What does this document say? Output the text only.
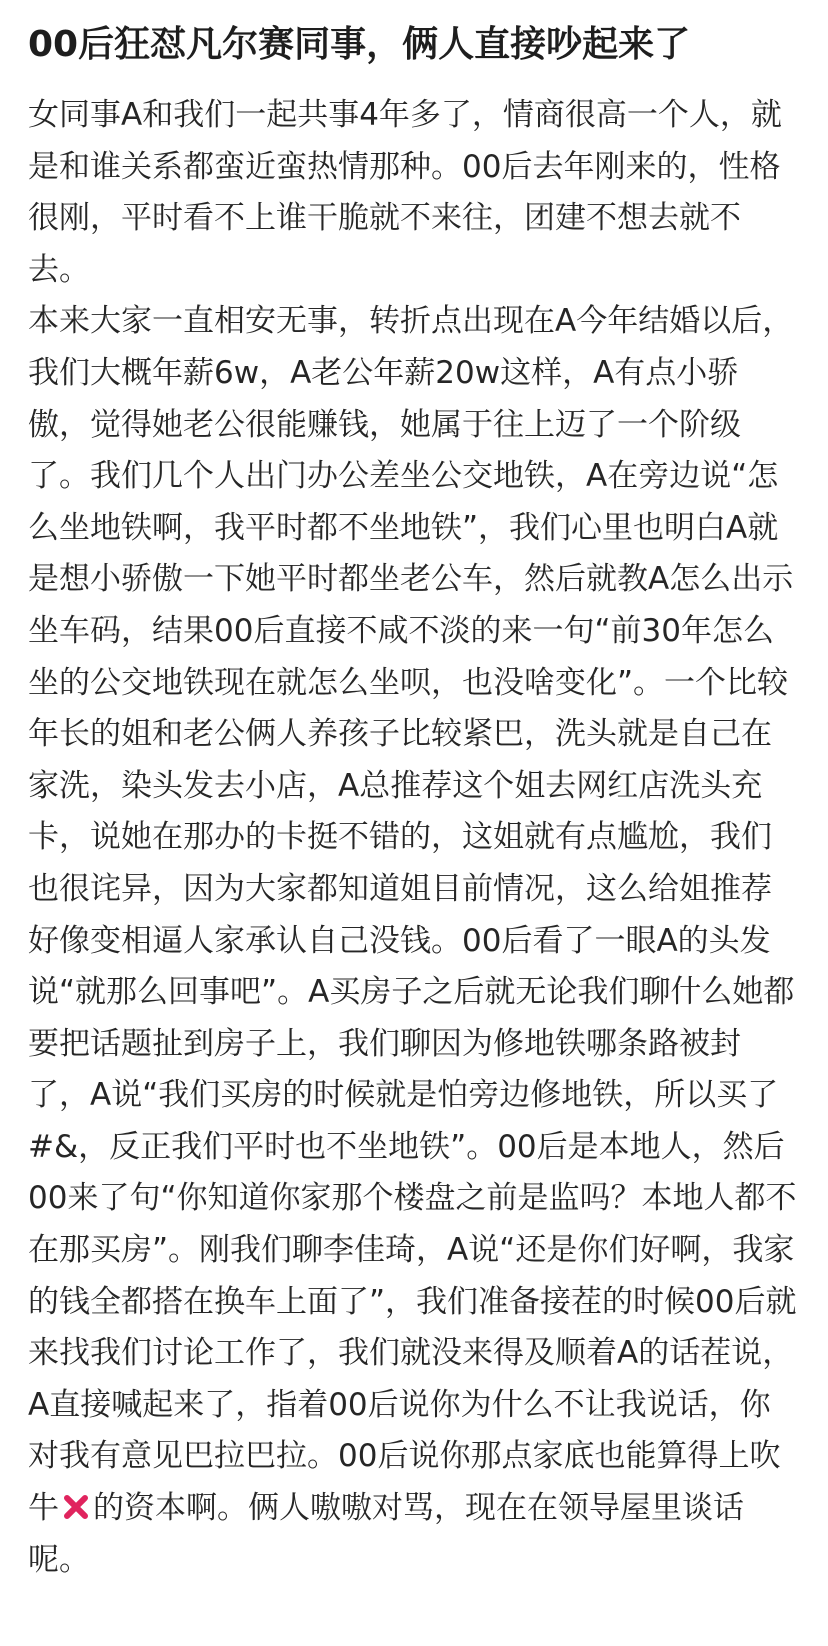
00后狂怼凡尔赛同事，俩人直接吵起来了

女同事A和我们一起共事4年多了，情商很高一个人，就是和谁关系都蛮近蛮热情那种。00后去年刚来的，性格很刚，平时看不上谁干脆就不来往，团建不想去就不去。

本来大家一直相安无事，转折点出现在A今年结婚以后，我们大概年薪6w，A老公年薪20w这样，A有点小骄傲，觉得她老公很能赚钱，她属于往上迈了一个阶级了。我们几个人出门办公差坐公交地铁，A在旁边说“怎么坐地铁啊，我平时都不坐地铁”，我们心里也明白A就是想小骄傲一下她平时都坐老公车，然后就教A怎么出示坐车码，结果00后直接不咸不淡的来一句“前30年怎么坐的公交地铁现在就怎么坐呗，也没啥变化”。一个比较年长的姐和老公俩人养孩子比较紧巴，洗头就是自己在家洗，染头发去小店，A总推荐这个姐去网红店洗头充卡，说她在那办的卡挺不错的，这姐就有点尴尬，我们也很诧异，因为大家都知道姐目前情况，这么给姐推荐好像变相逼人家承认自己没钱。00后看了一眼A的头发说“就那么回事吧”。A买房子之后就无论我们聊什么她都要把话题扯到房子上，我们聊因为修地铁哪条路被封了，A说“我们买房的时候就是怕旁边修地铁，所以买了#&，反正我们平时也不坐地铁”。00后是本地人，然后00来了句“你知道你家那个楼盘之前是监吗？本地人都不在那买房”。刚我们聊李佳琦，A说“还是你们好啊，我家的钱全都搭在换车上面了”，我们准备接茬的时候00后就来找我们讨论工作了，我们就没来得及顺着A的话茬说，A直接喊起来了，指着00后说你为什么不让我说话，你对我有意见巴拉巴拉。00后说你那点家底也能算得上吹牛 的资本啊。俩人嗷嗷对骂，现在在领导屋里谈话呢。
